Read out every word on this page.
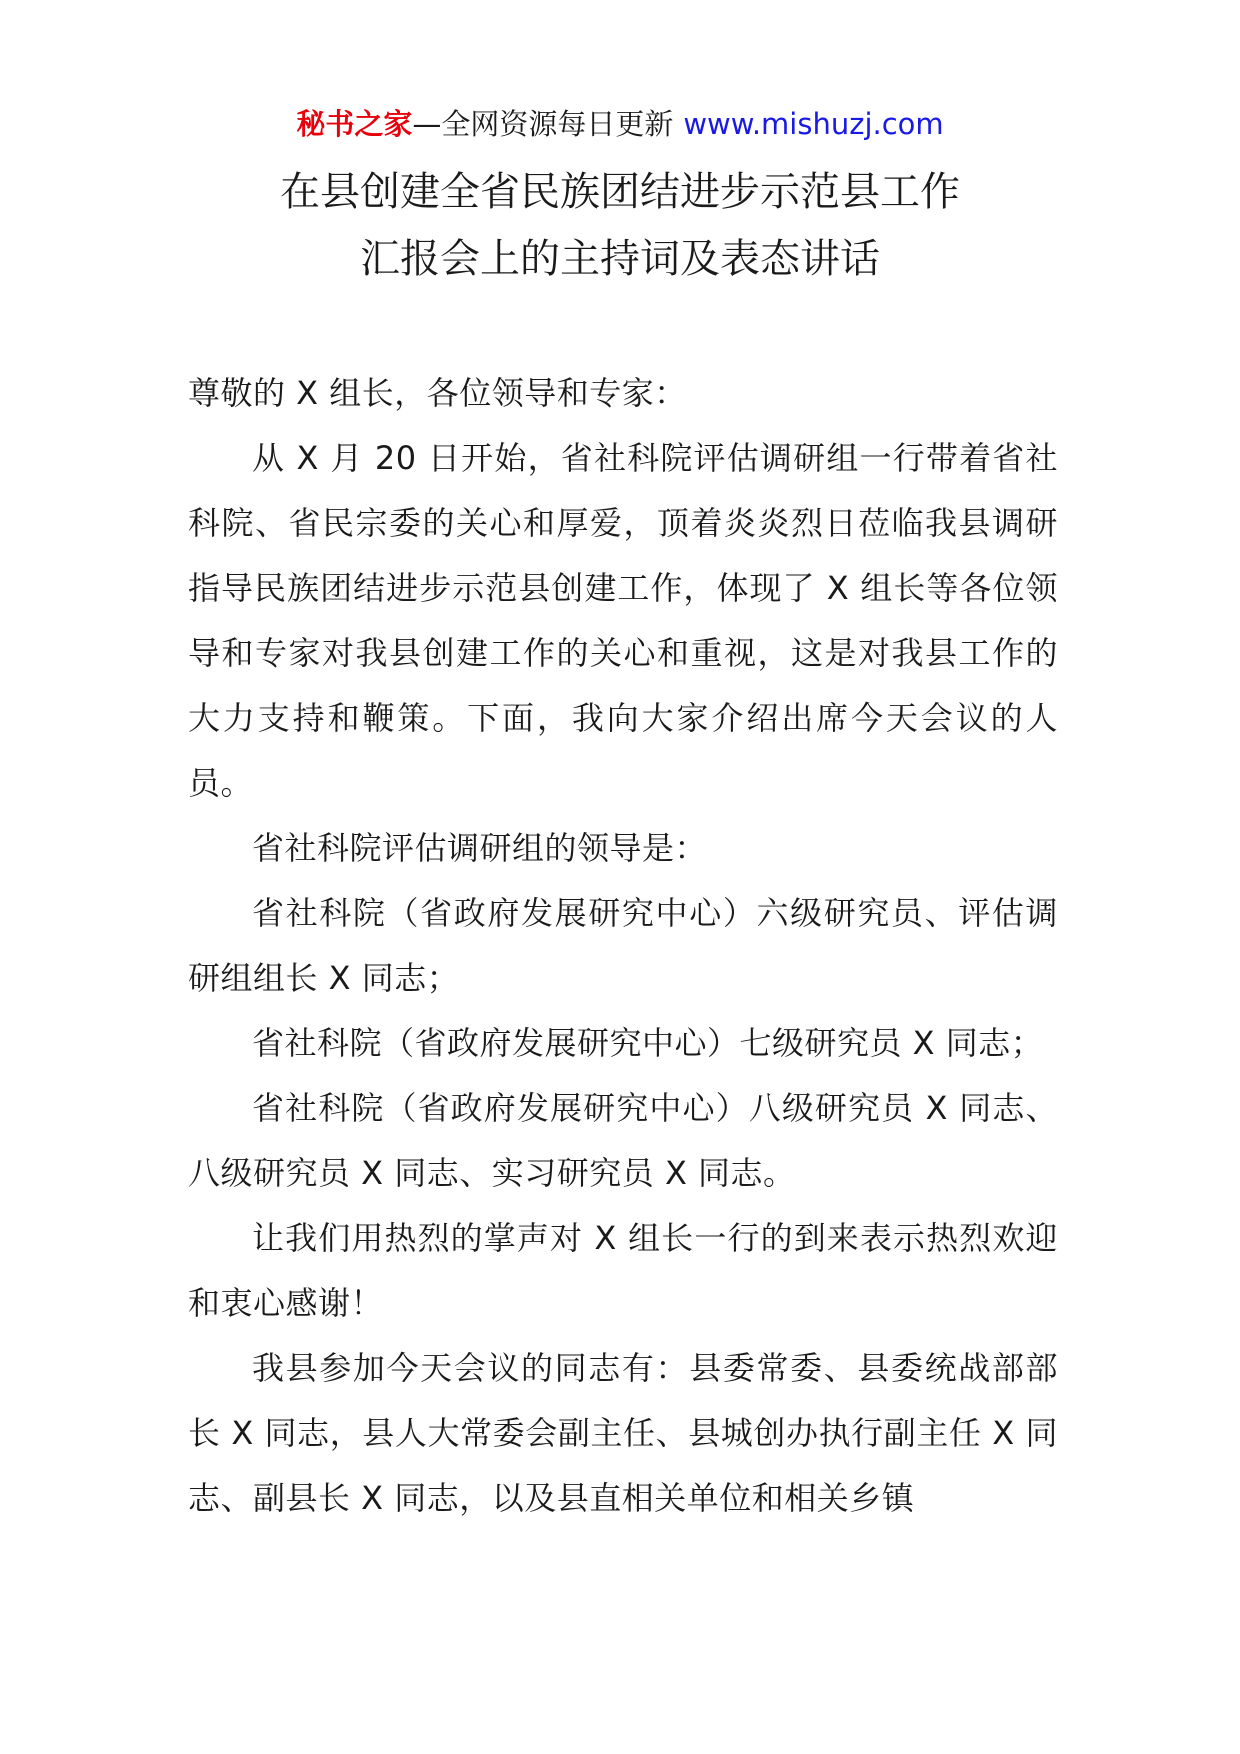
秘书之家—全网资源每日更新 www.mishuzj.com
在县创建全省民族团结进步示范县工作
汇报会上的主持词及表态讲话

尊敬的 X 组长，各位领导和专家：

从 X 月 20 日开始，省社科院评估调研组一行带着省社科院、省民宗委的关心和厚爱，顶着炎炎烈日莅临我县调研指导民族团结进步示范县创建工作，体现了 X 组长等各位领导和专家对我县创建工作的关心和重视，这是对我县工作的大力支持和鞭策。下面，我向大家介绍出席今天会议的人员。

省社科院评估调研组的领导是：

省社科院（省政府发展研究中心）六级研究员、评估调研组组长 X 同志；

省社科院（省政府发展研究中心）七级研究员 X 同志；

省社科院（省政府发展研究中心）八级研究员 X 同志、八级研究员 X 同志、实习研究员 X 同志。

让我们用热烈的掌声对 X 组长一行的到来表示热烈欢迎和衷心感谢！

我县参加今天会议的同志有：县委常委、县委统战部部长 X 同志，县人大常委会副主任、县城创办执行副主任 X 同志、副县长 X 同志，以及县直相关单位和相关乡镇
